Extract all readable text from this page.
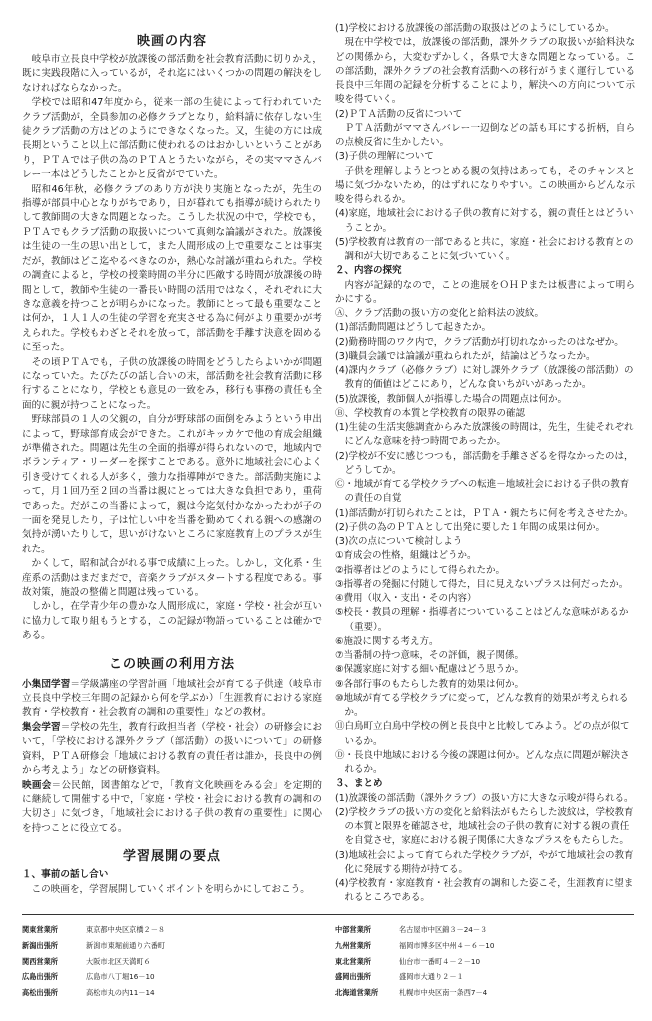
映画の内容

岐阜市立長良中学校が放課後の部活動を社会教育活動に切りかえ，既に実践段階に入っているが，それ迄にはいくつかの問題の解決をしなければならなかった。

学校では昭和47年度から，従来一部の生徒によって行われていたクラブ活動が，全員参加の必修クラブとなり，給料請に依存しない生徒クラブ活動の方はどのようにできなくなった。又，生徒の方には成長期ということ以上に部活動に使われるのはおかしいということがあり，ＰＴＡでは子供の為のＰＴＡとうたいながら，その実ママさんバレー一本はどうしたことかと反省がでていた。

昭和46年秋，必修クラブのあり方が決り実施となったが，先生の指導が部員中心となりがちであり，日が暮れても指導が続けられたりして教師間の大きな問題となった。こうした状況の中で，学校でも，ＰＴＡでもクラブ活動の取扱いについて真剣な論議がされた。放課後は生徒の一生の思い出として，また人間形成の上で重要なことは事実だが，教師はどこ迄やるべきなのか，熱心な討議が重ねられた。学校の調査によると，学校の授業時間の半分に匹敵する時間が放課後の時間として，教師や生徒の一番長い時間の活用ではなく，それぞれに大きな意義を持つことが明らかになった。教師にとって最も重要なことは何か，１人１人の生徒の学習を充実させる為に何がより重要かが考えられた。学校もわざとそれを放って，部活動を手離す決意を固めるに至った。

その頃ＰＴＡでも，子供の放課後の時間をどうしたらよいかが問題になっていた。たびたびの話し合いの末，部活動を社会教育活動に移行することになり，学校とも意見の一致をみ，移行も事務の責任も全面的に親が持つことになった。

野球部員の１人の父親の，自分が野球部の面倒をみようという申出によって，野球部育成会ができた。これがキッカケで他の育成会組織が準備された。問題は先生の全面的指導が得られないので，地域内でボランティア・リーダーを探すことである。意外に地域社会に心よく引き受けてくれる人が多く，強力な指導陣ができた。部活動実施によって，月１回乃至２回の当番は親にとっては大きな負担であり，重荷であった。だがこの当番によって，親は今迄気付かなかったわが子の一面を発見したり，子は忙しい中を当番を勤めてくれる親への感謝の気持が湧いたりして，思いがけないところに家庭教育上のプラスが生れた。

かくして，昭和試合がれる事で成績に上った。しかし，文化系・生産系の活動はまだまだで，音楽クラブがスタートする程度である。事故対策，施設の整備と問題は残っている。

しかし，在学青少年の豊かな人間形成に，家庭・学校・社会が互いに協力して取り組もうとする，この記録が物語っていることは確かである。

この映画の利用方法

小集団学習＝学級講座の学習計画「地域社会が育てる子供達（岐阜市立長良中学校三年間の記録から何を学ぶか）「生涯教育における家庭教育・学校教育・社会教育の調和の重要性」などの教材。

集会学習＝学校の先生，教育行政担当者（学校・社会）の研修会において，「学校における課外クラブ（部活動）の扱いについて」の研修資料，ＰＴＡ研修会「地域における教育の責任者は誰か，長良中の例から考えよう」などの研修資料。

映画会＝公民館，図書館などで，「教育文化映画をみる会」を定期的に継続して開催する中で，「家庭・学校・社会における教育の調和の大切さ」に気づき，「地域社会における子供の教育の重要性」に関心を持つことに役立てる。

学習展開の要点

１、事前の話し合い

この映画を，学習展開していくポイントを明らかにしておこう。

(1)学校における放課後の部活動の取扱はどのようにしているか。

現在中学校では，放課後の部活動，課外クラブの取扱いが給料決などの関係から，大変むずかしく，各県で大きな問題となっている。この部活動，課外クラブの社会教育活動への移行がうまく運行している長良中三年間の記録を分析することにより，解決への方向について示唆を得ていく。

(2)ＰＴＡ活動の反省について

ＰＴＡ活動がママさんバレー一辺倒などの話も耳にする折柄，自らの点検反省に生かしたい。

(3)子供の理解について

子供を理解しようとつとめる親の気持はあっても，そのチャンスと場に気づかないため，的はずれになりやすい。この映画からどんな示唆を得られるか。

(4)家庭，地域社会における子供の教育に対する，親の責任とはどういうことか。

(5)学校教育は教育の一部であると共に，家庭・社会における教育との調和が大切であることに気づいていく。

２、内容の探究

内容が記録的なので，ことの進展をＯＨＰまたは板書によって明らかにする。

Ⓐ、クラブ活動の扱い方の変化と給料法の波紋。

(1)部活動問題はどうして起きたか。

(2)勤務時間のワク内で，クラブ活動が打切れなかったのはなぜか。

(3)職員会議では論議が重ねられたが，結論はどうなったか。

(4)課内クラブ（必修クラブ）に対し課外クラブ（放課後の部活動）の教育的価値はどこにあり，どんな食いちがいがあったか。

(5)放課後，教師個人が指導した場合の問題点は何か。

Ⓑ、学校教育の本質と学校教育の限界の確認

(1)生徒の生活実態調査からみた放課後の時間は，先生，生徒それぞれにどんな意味を持つ時間であったか。

(2)学校が不安に感じつつも，部活動を手離さざるを得なかったのは，どうしてか。

Ⓒ・地域が育てる学校クラブへの転進－地域社会における子供の教育の責任の自覚

(1)部活動が打切られたことは，ＰＴＡ・親たちに何を考えさせたか。

(2)子供の為のＰＴＡとして出発に要した１年間の成果は何か。

(3)次の点について検討しよう

①育成会の性格，組織はどうか。

②指導者はどのようにして得られたか。

③指導者の発掘に付随して得た，目に見えないプラスは何だったか。

④費用（収入・支出・その内容）

⑤校長・教員の理解・指導者についていることはどんな意味があるか（重要）。

⑥施設に関する考え方。

⑦当番制の持つ意味，その評価，親子関係。

⑧保護家庭に対する細い配慮はどう思うか。

⑨各部行事のもたらした教育的効果は何か。

⑩地域が育てる学校クラブに変って，どんな教育的効果が考えられるか。

⑪白鳥町立白鳥中学校の例と長良中と比較してみよう。どの点が似ているか。

Ⓓ・長良中地域における今後の課題は何か。どんな点に問題が解決されるか。

３、まとめ

(1)放課後の部活動（課外クラブ）の扱い方に大きな示唆が得られる。

(2)学校クラブの扱い方の変化と給料法がもたらした波紋は，学校教育の本質と限界を確認させ，地域社会の子供の教育に対する親の責任を自覚させ，家庭における親子関係に大きなプラスをもたらした。

(3)地域社会によって育てられた学校クラブが，やがて地域社会の教育化に発展する期待が持てる。

(4)学校教育・家庭教育・社会教育の調和した姿こそ，生涯教育に望まれるところである。

関東営業所	東京都中央区京橋２－８
新潟出張所	新潟市東堀前通り六番町
関西営業所	大阪市北区天満町６
広島出張所	広島市八丁堀16－10
高松出張所	高松市丸の内11－14
中部営業所	名古屋市中区錦３－24－３
九州営業所	福岡市博多区中州４－６－10
東北営業所	仙台市一番町４－２－10
盛岡出張所	盛岡市大通り２－１
北海道営業所	札幌市中央区南一条西7－4
